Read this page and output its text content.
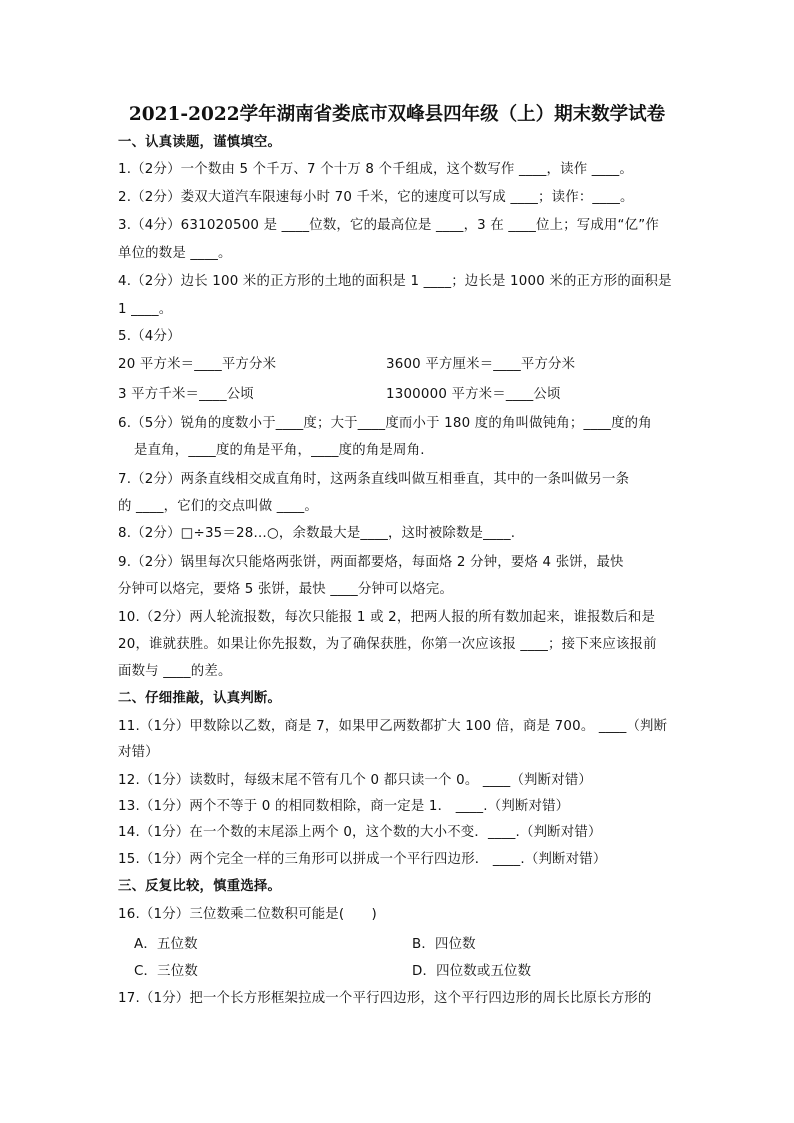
2021-2022学年湖南省娄底市双峰县四年级（上）期末数学试卷
一、认真读题，谨慎填空。
1.（2分）一个数由 5 个千万、7 个十万 8 个千组成，这个数写作 ____，读作 ____。
2.（2分）娄双大道汽车限速每小时 70 千米，它的速度可以写成 ____；读作：____。
3.（4分）631020500 是 ____位数，它的最高位是 ____，3 在 ____位上；写成用“亿”作
单位的数是 ____。
4.（2分）边长 100 米的正方形的土地的面积是 1 ____；边长是 1000 米的正方形的面积是
1 ____。
5.（4分）
20 平方米＝____平方分米	3600 平方厘米＝____平方分米
3 平方千米＝____公顷	1300000 平方米＝____公顷
6.（5分）锐角的度数小于____度；大于____度而小于 180 度的角叫做钝角；____度的角
是直角，____度的角是平角，____度的角是周角.
7.（2分）两条直线相交成直角时，这两条直线叫做互相垂直，其中的一条叫做另一条
的 ____，它们的交点叫做 ____。
8.（2分）□÷35＝28…○，余数最大是____，这时被除数是____.
9.（2分）锅里每次只能烙两张饼，两面都要烙，每面烙 2 分钟，要烙 4 张饼，最快
分钟可以烙完，要烙 5 张饼，最快 ____分钟可以烙完。
10.（2分）两人轮流报数，每次只能报 1 或 2，把两人报的所有数加起来，谁报数后和是
20，谁就获胜。如果让你先报数，为了确保获胜，你第一次应该报 ____；接下来应该报前
面数与 ____的差。
二、仔细推敲，认真判断。
11.（1分）甲数除以乙数，商是 7，如果甲乙两数都扩大 100 倍，商是 700。 ____（判断
对错）
12.（1分）读数时，每级末尾不管有几个 0 都只读一个 0。 ____（判断对错）
13.（1分）两个不等于 0 的相同数相除，商一定是 1． ____.（判断对错）
14.（1分）在一个数的末尾添上两个 0，这个数的大小不变．____.（判断对错）
15.（1分）两个完全一样的三角形可以拼成一个平行四边形． ____.（判断对错）
三、反复比较，慎重选择。
16.（1分）三位数乘二位数积可能是(　　)
A．五位数	B．四位数
C．三位数	D．四位数或五位数
17.（1分）把一个长方形框架拉成一个平行四边形，这个平行四边形的周长比原长方形的
